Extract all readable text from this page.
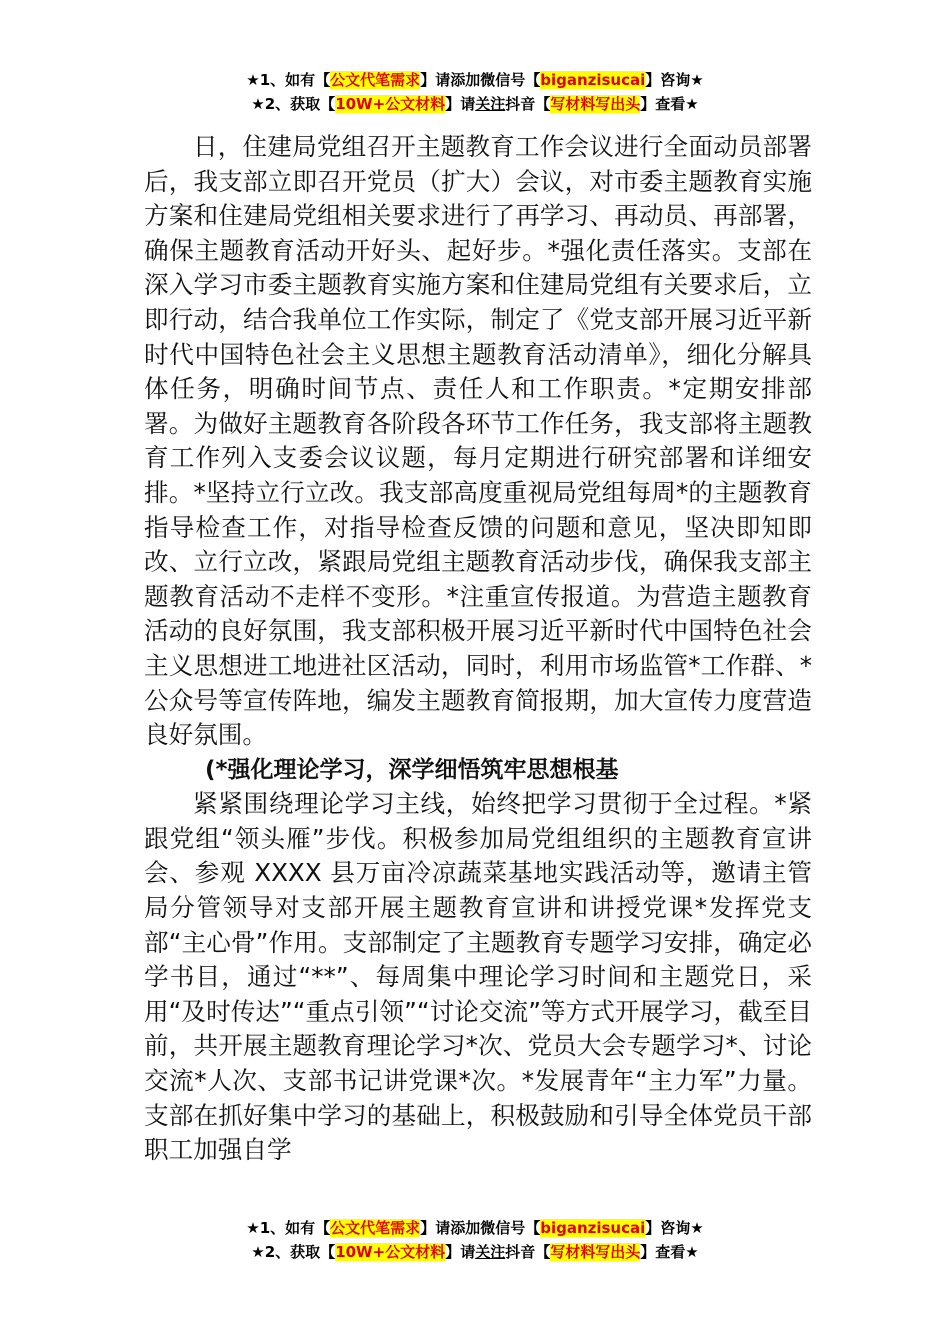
★1、如有【公文代笔需求】请添加微信号【biganzisucai】咨询★
★2、获取【10W+公文材料】请关注抖音【写材料写出头】查看★

日，住建局党组召开主题教育工作会议进行全面动员部署后，我支部立即召开党员（扩大）会议，对市委主题教育实施方案和住建局党组相关要求进行了再学习、再动员、再部署，确保主题教育活动开好头、起好步。*强化责任落实。支部在深入学习市委主题教育实施方案和住建局党组有关要求后，立即行动，结合我单位工作实际，制定了《党支部开展习近平新时代中国特色社会主义思想主题教育活动清单》，细化分解具体任务，明确时间节点、责任人和工作职责。*定期安排部署。为做好主题教育各阶段各环节工作任务，我支部将主题教育工作列入支委会议议题，每月定期进行研究部署和详细安排。*坚持立行立改。我支部高度重视局党组每周*的主题教育指导检查工作，对指导检查反馈的问题和意见，坚决即知即改、立行立改，紧跟局党组主题教育活动步伐，确保我支部主题教育活动不走样不变形。*注重宣传报道。为营造主题教育活动的良好氛围，我支部积极开展习近平新时代中国特色社会主义思想进工地进社区活动，同时，利用市场监管*工作群、*公众号等宣传阵地，编发主题教育简报期，加大宣传力度营造良好氛围。

(*强化理论学习，深学细悟筑牢思想根基

紧紧围绕理论学习主线，始终把学习贯彻于全过程。*紧跟党组“领头雁”步伐。积极参加局党组组织的主题教育宣讲会、参观 XXXX 县万亩冷凉蔬菜基地实践活动等，邀请主管局分管领导对支部开展主题教育宣讲和讲授党课*发挥党支部“主心骨”作用。支部制定了主题教育专题学习安排，确定必学书目，通过“**”、每周集中理论学习时间和主题党日，采用“及时传达”“重点引领”“讨论交流”等方式开展学习，截至目前，共开展主题教育理论学习*次、党员大会专题学习*、讨论交流*人次、支部书记讲党课*次。*发展青年“主力军”力量。支部在抓好集中学习的基础上，积极鼓励和引导全体党员干部职工加强自学

★1、如有【公文代笔需求】请添加微信号【biganzisucai】咨询★
★2、获取【10W+公文材料】请关注抖音【写材料写出头】查看★
